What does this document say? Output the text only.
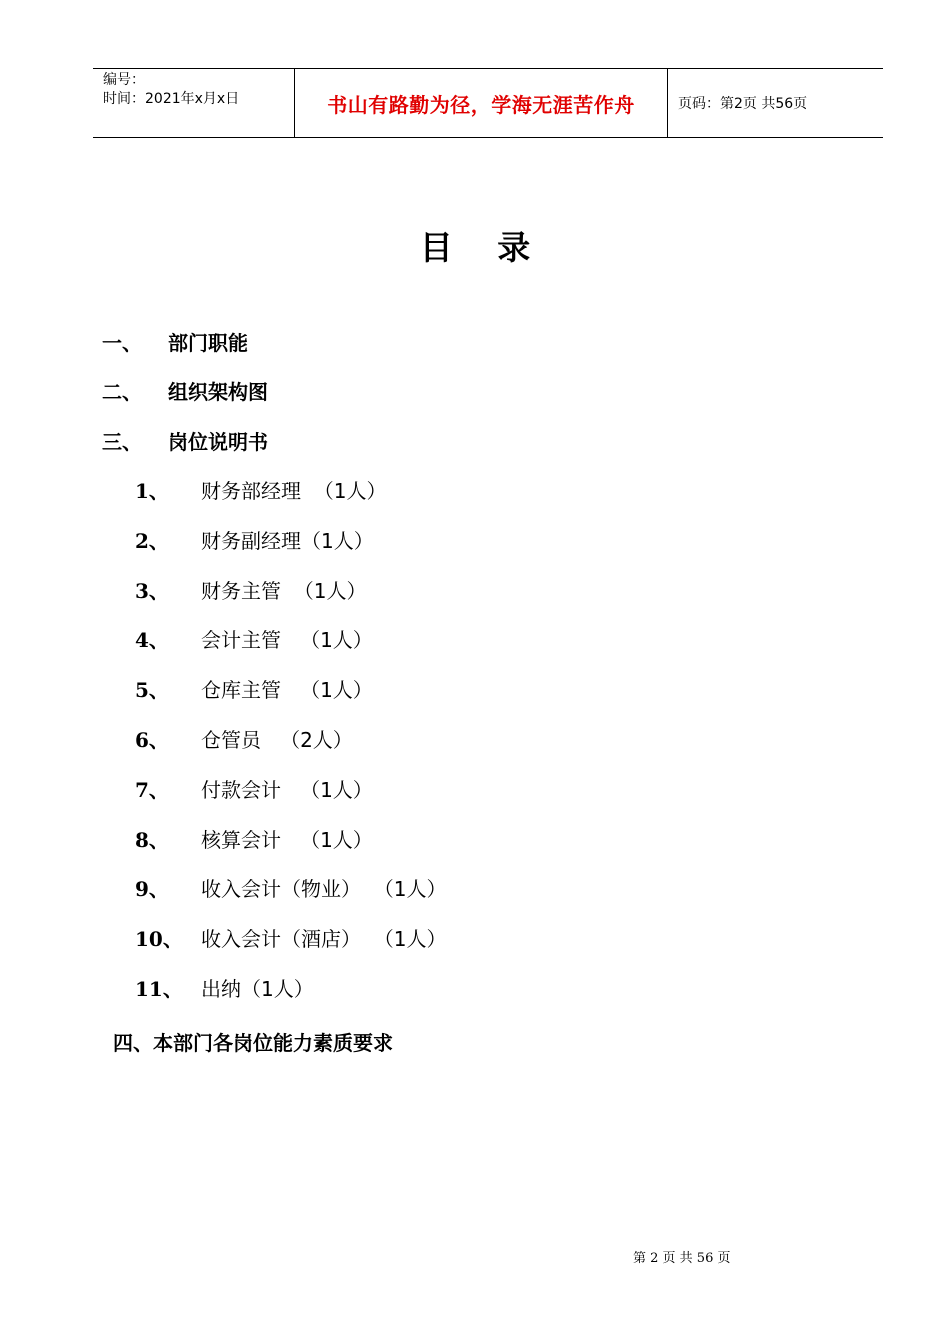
编号：
时间：2021年x月x日	书山有路勤为径，学海无涯苦作舟	页码：第2页 共56页
目 录
一、 部门职能
二、 组织架构图
三、 岗位说明书
1、 财务部经理  （1人）
2、 财务副经理（1人）
3、 财务主管  （1人）
4、 会计主管   （1人）
5、 仓库主管   （1人）
6、 仓管员   （2人）
7、 付款会计   （1人）
8、 核算会计   （1人）
9、 收入会计（物业）  （1人）
10、 收入会计（酒店）  （1人）
11、 出纳（1人）
四、本部门各岗位能力素质要求
第 2 页 共 56 页
